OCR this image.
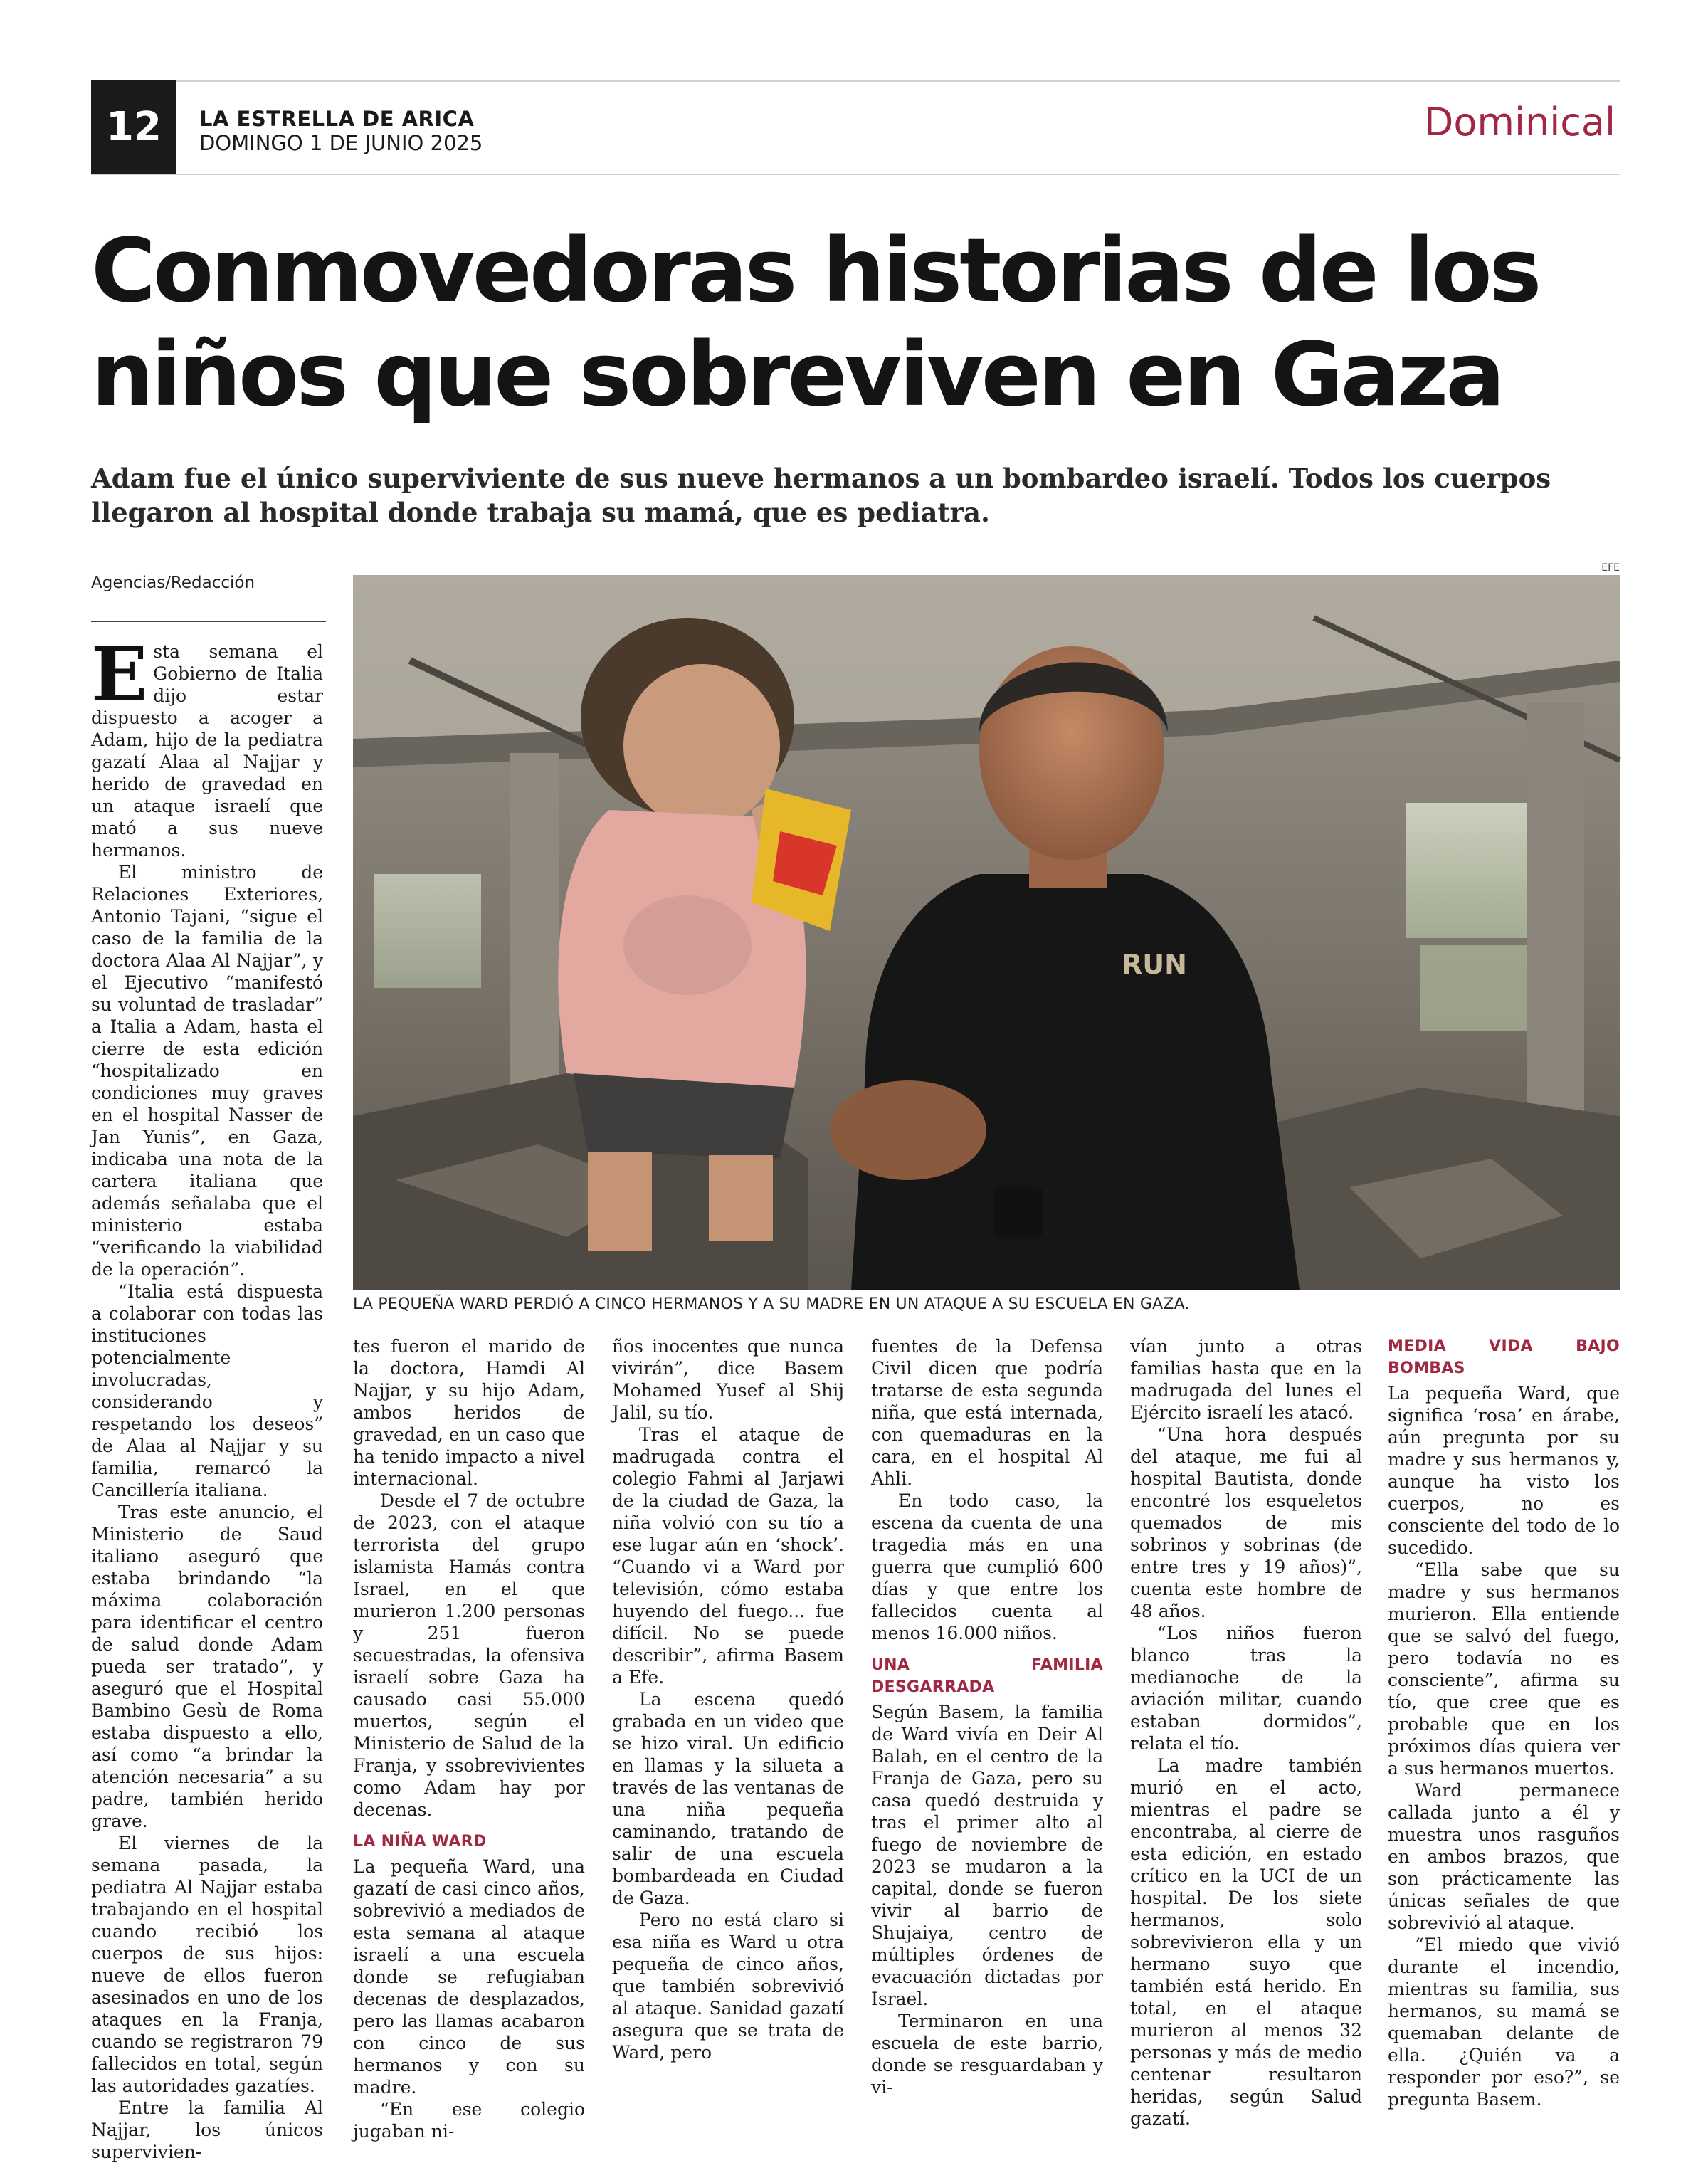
12	LA ESTRELLA DE ARICA
DOMINGO 1 DE JUNIO 2025	Dominical
Conmovedoras historias de los
niños que sobreviven en Gaza

Adam fue el único superviviente de sus nueve hermanos a un bombardeo israelí. Todos los cuerpos llegaron al hospital donde trabaja su mamá, que es pediatra.

Agencias/Redacción
EFE
RUN
LA PEQUEÑA WARD PERDIÓ A CINCO HERMANOS Y A SU MADRE EN UN ATAQUE A SU ESCUELA EN GAZA.

Esta semana el Gobierno de Italia dijo estar dispuesto a acoger a Adam, hijo de la pediatra gazatí Alaa al Najjar y herido de gravedad en un ataque israelí que mató a sus nueve hermanos.

El ministro de Relaciones Exteriores, Antonio Tajani, “sigue el caso de la familia de la doctora Alaa Al Najjar”, y el Ejecutivo “manifestó su voluntad de trasladar” a Italia a Adam, hasta el cierre de esta edición “hospitalizado en condiciones muy graves en el hospital Nasser de Jan Yunis”, en Gaza, indicaba una nota de la cartera italiana que además señalaba que el ministerio estaba “verificando la viabilidad de la operación”.

“Italia está dispuesta a colaborar con todas las instituciones potencialmente involucradas, considerando y respetando los deseos” de Alaa al Najjar y su familia, remarcó la Cancillería italiana.

Tras este anuncio, el Ministerio de Saud italiano aseguró que estaba brindando “la máxima colaboración para identificar el centro de salud donde Adam pueda ser tratado”, y aseguró que el Hospital Bambino Gesù de Roma estaba dispuesto a ello, así como “a brindar la atención necesaria” a su padre, también herido grave.

El viernes de la semana pasada, la pediatra Al Najjar estaba trabajando en el hospital cuando recibió los cuerpos de sus hijos: nueve de ellos fueron asesinados en uno de los ataques en la Franja, cuando se registraron 79 fallecidos en total, según las autoridades gazatíes.

Entre la familia Al Najjar, los únicos supervivien-

tes fueron el marido de la doctora, Hamdi Al Najjar, y su hijo Adam, ambos heridos de gravedad, en un caso que ha tenido impacto a nivel internacional.

Desde el 7 de octubre de 2023, con el ataque terrorista del grupo islamista Hamás contra Israel, en el que murieron 1.200 personas y 251 fueron secuestradas, la ofensiva israelí sobre Gaza ha causado casi 55.000 muertos, según el Ministerio de Salud de la Franja, y ssobrevivientes como Adam hay por decenas.

LA NIÑA WARD

La pequeña Ward, una gazatí de casi cinco años, sobrevivió a mediados de esta semana al ataque israelí a una escuela donde se refugiaban decenas de desplazados, pero las llamas acabaron con cinco de sus hermanos y con su madre.

“En ese colegio jugaban ni-

ños inocentes que nunca vivirán”, dice Basem Mohamed Yusef al Shij Jalil, su tío.

Tras el ataque de madrugada contra el colegio Fahmi al Jarjawi de la ciudad de Gaza, la niña volvió con su tío a ese lugar aún en ‘shock’. “Cuando vi a Ward por televisión, cómo estaba huyendo del fuego... fue difícil. No se puede describir”, afirma Basem a Efe.

La escena quedó grabada en un video que se hizo viral. Un edificio en llamas y la silueta a través de las ventanas de una niña pequeña caminando, tratando de salir de una escuela bombardeada en Ciudad de Gaza.

Pero no está claro si esa niña es Ward u otra pequeña de cinco años, que también sobrevivió al ataque. Sanidad gazatí asegura que se trata de Ward, pero

fuentes de la Defensa Civil dicen que podría tratarse de esta segunda niña, que está internada, con quemaduras en la cara, en el hospital Al Ahli.

En todo caso, la escena da cuenta de una tragedia más en una guerra que cumplió 600 días y que entre los fallecidos cuenta al menos 16.000 niños.

UNA FAMILIA DESGARRADA

Según Basem, la familia de Ward vivía en Deir Al Balah, en el centro de la Franja de Gaza, pero su casa quedó destruida y tras el primer alto al fuego de noviembre de 2023 se mudaron a la capital, donde se fueron vivir al barrio de Shujaiya, centro de múltiples órdenes de evacuación dictadas por Israel.

Terminaron en una escuela de este barrio, donde se resguardaban y vi-

vían junto a otras familias hasta que en la madrugada del lunes el Ejército israelí les atacó.

“Una hora después del ataque, me fui al hospital Bautista, donde encontré los esqueletos quemados de mis sobrinos y sobrinas (de entre tres y 19 años)”, cuenta este hombre de 48 años.

“Los niños fueron blanco tras la medianoche de la aviación militar, cuando estaban dormidos”, relata el tío.

La madre también murió en el acto, mientras el padre se encontraba, al cierre de esta edición, en estado crítico en la UCI de un hospital. De los siete hermanos, solo sobrevivieron ella y un hermano suyo que también está herido. En total, en el ataque murieron al menos 32 personas y más de medio centenar resultaron heridas, según Salud gazatí.

MEDIA VIDA BAJO BOMBAS

La pequeña Ward, que significa ‘rosa’ en árabe, aún pregunta por su madre y sus hermanos y, aunque ha visto los cuerpos, no es consciente del todo de lo sucedido.

“Ella sabe que su madre y sus hermanos murieron. Ella entiende que se salvó del fuego, pero todavía no es consciente”, afirma su tío, que cree que es probable que en los próximos días quiera ver a sus hermanos muertos.

Ward permanece callada junto a él y muestra unos rasguños en ambos brazos, que son prácticamente las únicas señales de que sobrevivió al ataque.

“El miedo que vivió durante el incendio, mientras su familia, sus hermanos, su mamá se quemaban delante de ella. ¿Quién va a responder por eso?”, se pregunta Basem.
